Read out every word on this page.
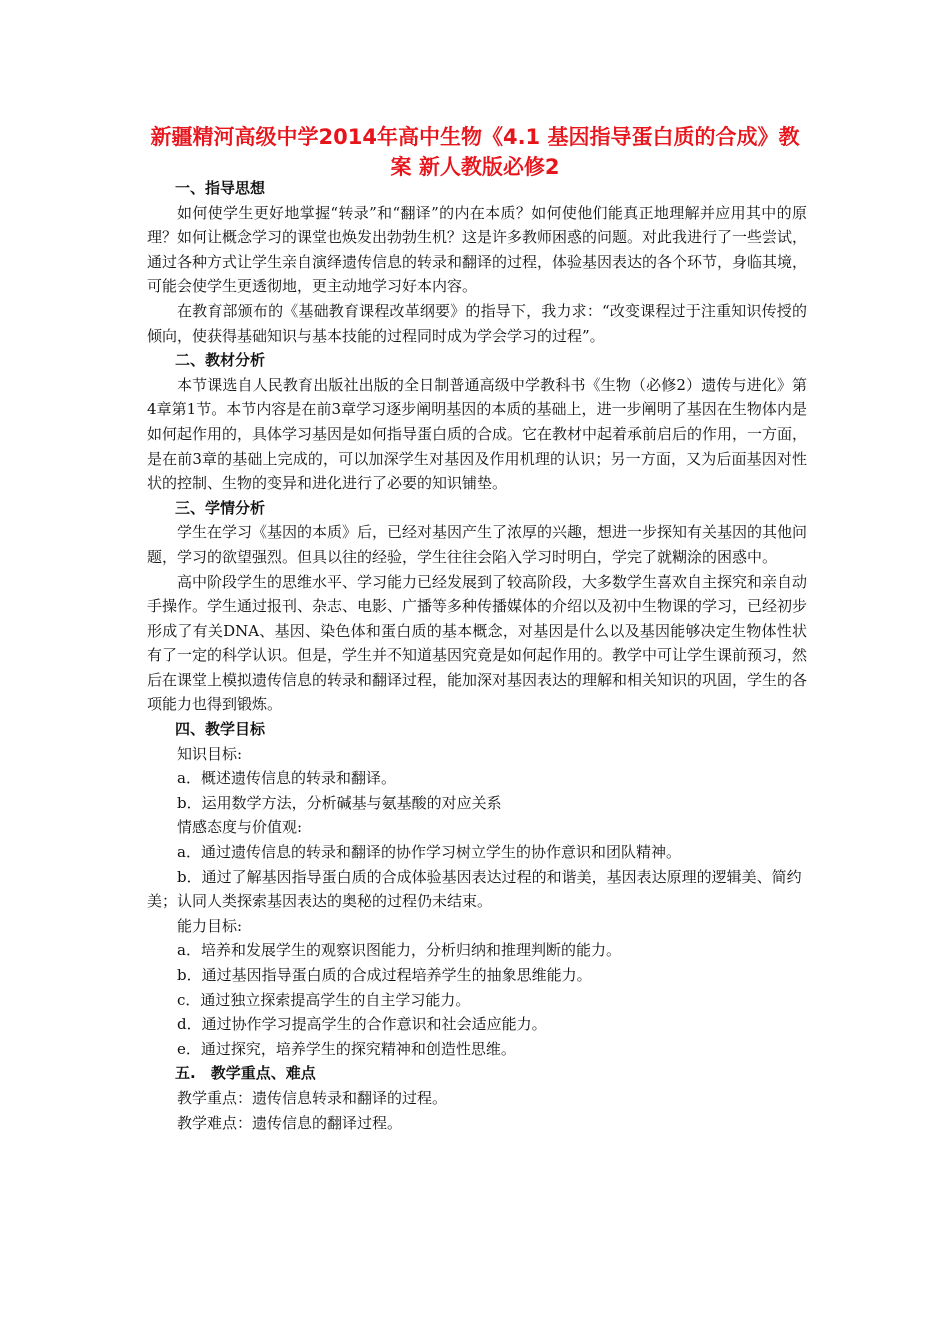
新疆精河高级中学2014年高中生物《4.1 基因指导蛋白质的合成》教案 新人教版必修2

一、指导思想

如何使学生更好地掌握“转录”和“翻译”的内在本质？如何使他们能真正地理解并应用其中的原理？如何让概念学习的课堂也焕发出勃勃生机？这是许多教师困惑的问题。对此我进行了一些尝试，通过各种方式让学生亲自演绎遗传信息的转录和翻译的过程，体验基因表达的各个环节，身临其境，可能会使学生更透彻地，更主动地学习好本内容。

在教育部颁布的《基础教育课程改革纲要》的指导下，我力求：“改变课程过于注重知识传授的倾向，使获得基础知识与基本技能的过程同时成为学会学习的过程”。

二、教材分析

本节课选自人民教育出版社出版的全日制普通高级中学教科书《生物（必修2）遗传与进化》第4章第1节。本节内容是在前3章学习逐步阐明基因的本质的基础上，进一步阐明了基因在生物体内是如何起作用的，具体学习基因是如何指导蛋白质的合成。它在教材中起着承前启后的作用，一方面，是在前3章的基础上完成的，可以加深学生对基因及作用机理的认识；另一方面，又为后面基因对性状的控制、生物的变异和进化进行了必要的知识铺垫。

三、学情分析

学生在学习《基因的本质》后，已经对基因产生了浓厚的兴趣，想进一步探知有关基因的其他问题，学习的欲望强烈。但具以往的经验，学生往往会陷入学习时明白，学完了就糊涂的困惑中。

高中阶段学生的思维水平、学习能力已经发展到了较高阶段，大多数学生喜欢自主探究和亲自动手操作。学生通过报刊、杂志、电影、广播等多种传播媒体的介绍以及初中生物课的学习，已经初步形成了有关DNA、基因、染色体和蛋白质的基本概念，对基因是什么以及基因能够决定生物体性状有了一定的科学认识。但是，学生并不知道基因究竟是如何起作用的。教学中可让学生课前预习，然后在课堂上模拟遗传信息的转录和翻译过程，能加深对基因表达的理解和相关知识的巩固，学生的各项能力也得到锻炼。

四、教学目标

知识目标:

a．概述遗传信息的转录和翻译。

b．运用数学方法，分析碱基与氨基酸的对应关系

情感态度与价值观:

a．通过遗传信息的转录和翻译的协作学习树立学生的协作意识和团队精神。

b．通过了解基因指导蛋白质的合成体验基因表达过程的和谐美，基因表达原理的逻辑美、简约美；认同人类探索基因表达的奥秘的过程仍未结束。

能力目标:

a．培养和发展学生的观察识图能力，分析归纳和推理判断的能力。

b．通过基因指导蛋白质的合成过程培养学生的抽象思维能力。

c．通过独立探索提高学生的自主学习能力。

d．通过协作学习提高学生的合作意识和社会适应能力。

e．通过探究，培养学生的探究精神和创造性思维。

五.　教学重点、难点

教学重点：遗传信息转录和翻译的过程。

教学难点：遗传信息的翻译过程。
